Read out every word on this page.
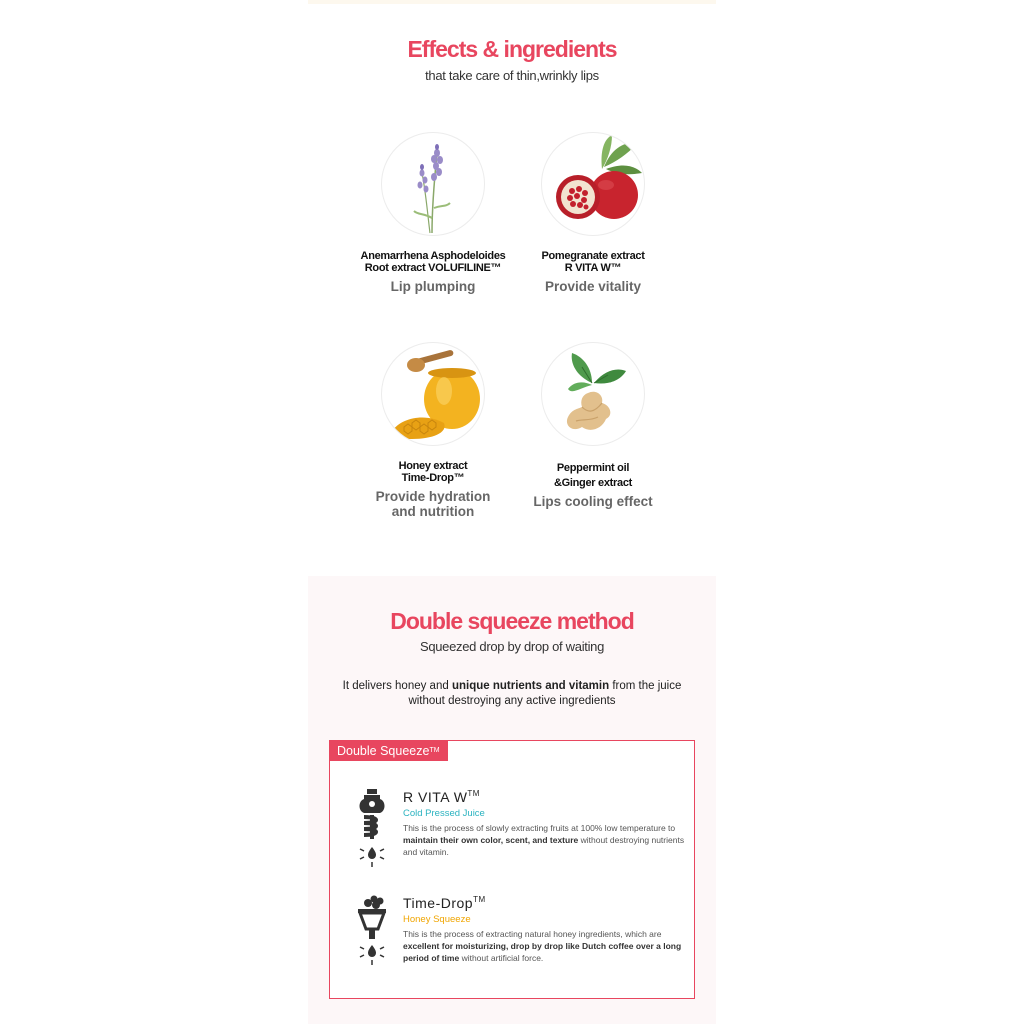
Effects & ingredients
that take care of thin,wrinkly lips
Anemarrhena Asphodeloides
Root extract VOLUFILINE™
Lip plumping
Pomegranate extract
R VITA W™
Provide vitality
Honey extract
Time-Drop™
Provide hydration
and nutrition
Peppermint oil
&Ginger extract
Lips cooling effect
Double squeeze method
Squeezed drop by drop of waiting
It delivers honey and unique nutrients and vitamin from the juice
without destroying any active ingredients
Double Squeeze™
R VITA W™
Cold Pressed Juice
This is the process of slowly extracting fruits at 100% low temperature to maintain their own color, scent, and texture without destroying nutrients and vitamin.
Time-Drop™
Honey Squeeze
This is the process of extracting natural honey ingredients, which are excellent for moisturizing, drop by drop like Dutch coffee over a long period of time without artificial force.
